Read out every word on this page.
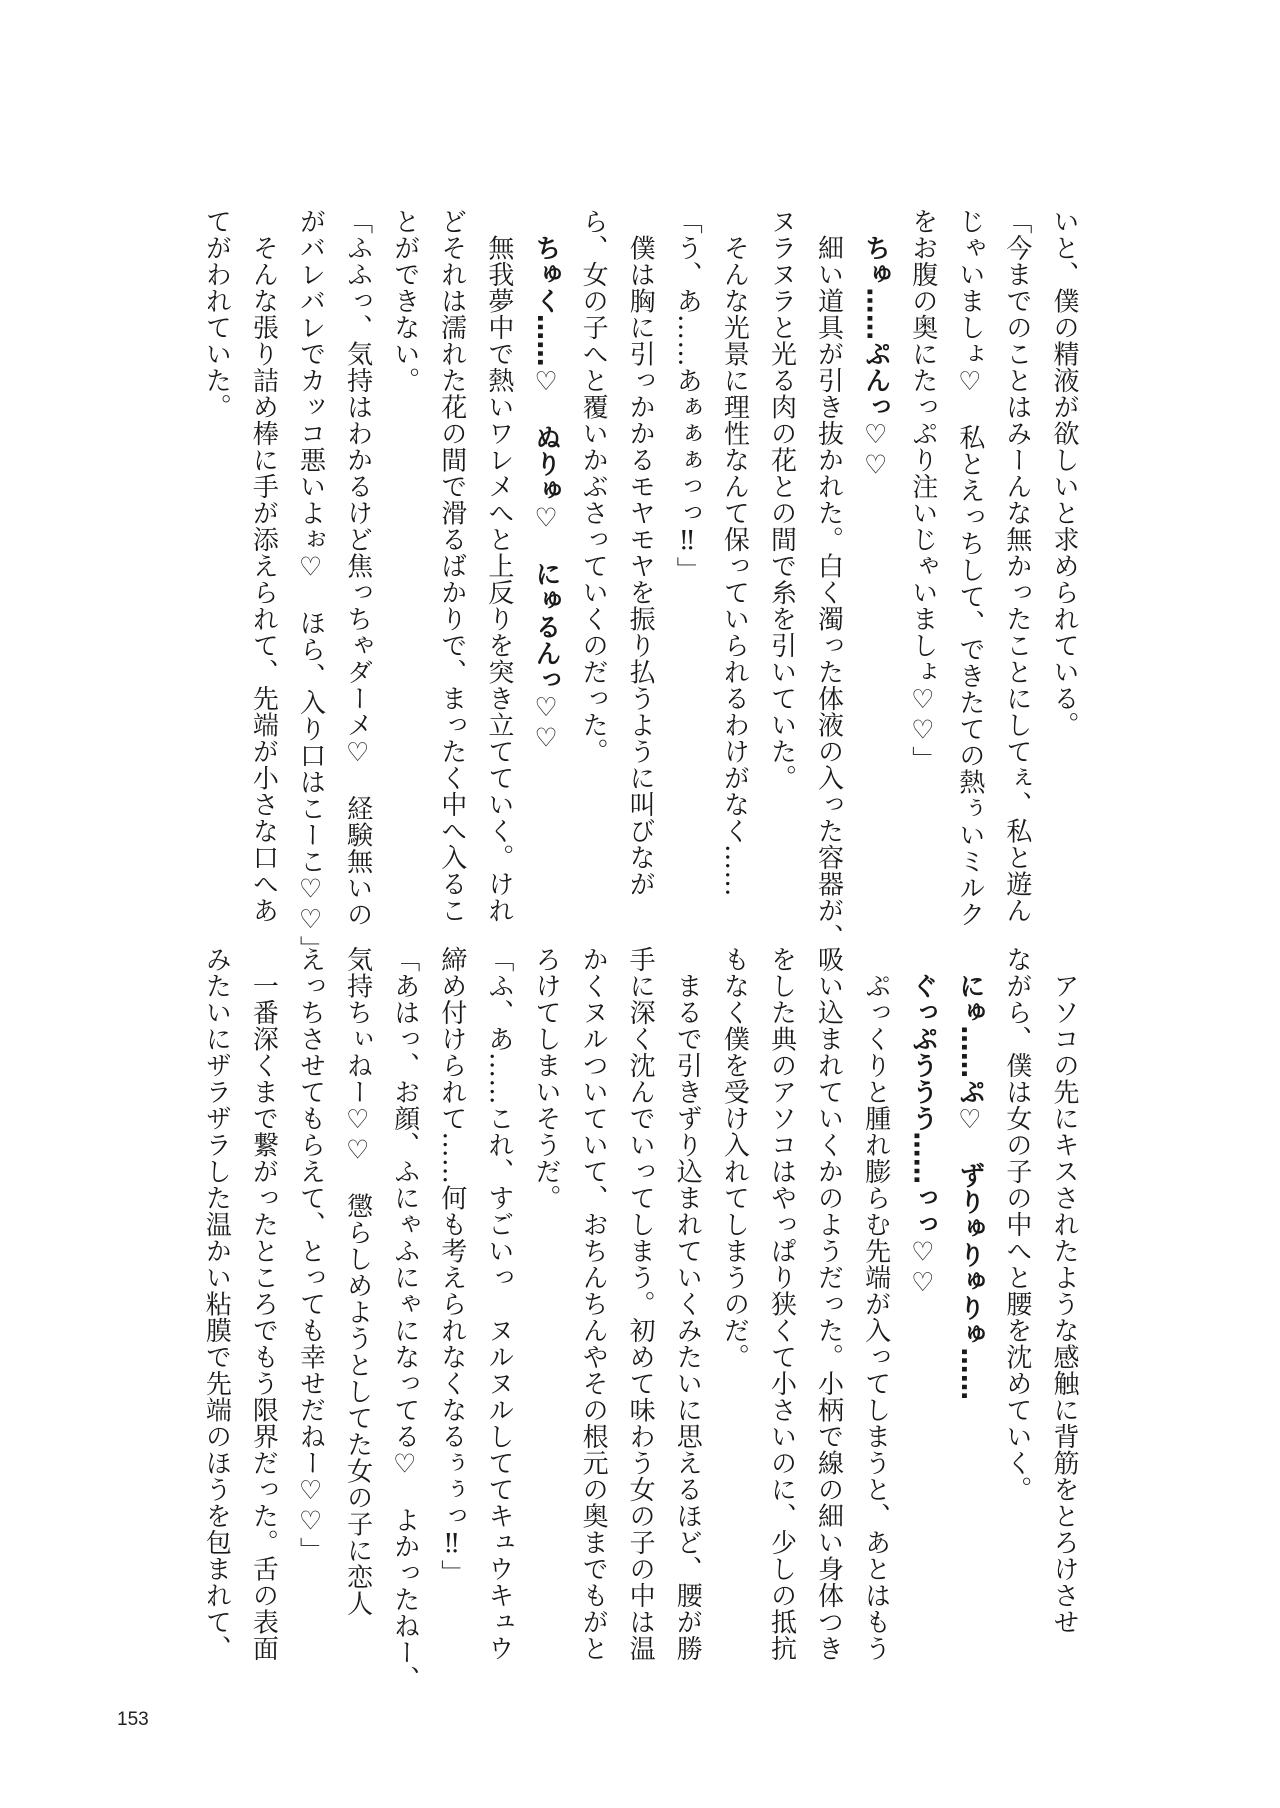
いと、僕の精液が欲しいと求められている。
「今までのことはみーんな無かったことにしてぇ、私と遊ん
じゃいましょ♡　私とえっちして、できたての熱ぅいミルク
をお腹の奥にたっぷり注いじゃいましょ♡♡」
　ちゅ……ぷんっ♡♡
　細い道具が引き抜かれた。白く濁った体液の入った容器が、
ヌラヌラと光る肉の花との間で糸を引いていた。
　そんな光景に理性なんて保っていられるわけがなく……
「う、あ……あぁぁぁっっ‼」
　僕は胸に引っかかるモヤモヤを振り払うように叫びなが
ら、女の子へと覆いかぶさっていくのだった。
　ちゅく……♡　ぬりゅ♡　にゅるんっ♡♡
　無我夢中で熱いワレメへと上反りを突き立てていく。けれ
どそれは濡れた花の間で滑るばかりで、まったく中へ入るこ
とができない。
「ふふっ、気持はわかるけど焦っちゃダーメ♡　経験無いの
がバレバレでカッコ悪いよぉ♡　ほら、入り口はこーこ♡♡」
　そんな張り詰め棒に手が添えられて、先端が小さな口へあ
てがわれていた。
　アソコの先にキスされたような感触に背筋をとろけさせ
ながら、僕は女の子の中へと腰を沈めていく。
　にゅ……ぷ♡　ずりゅりゅりゅ……
　ぐっぷううう……っっ♡♡
　ぷっくりと腫れ膨らむ先端が入ってしまうと、あとはもう
吸い込まれていくかのようだった。小柄で線の細い身体つき
をした典のアソコはやっぱり狭くて小さいのに、少しの抵抗
もなく僕を受け入れてしまうのだ。
　まるで引きずり込まれていくみたいに思えるほど、腰が勝
手に深く沈んでいってしまう。初めて味わう女の子の中は温
かくヌルついていて、おちんちんやその根元の奥までもがと
ろけてしまいそうだ。
「ふ、あ……これ、すごいっ　ヌルヌルしててキュウキュウ
締め付けられて……何も考えられなくなるぅぅっ‼」
「あはっ、お顔、ふにゃふにゃになってる♡　よかったねー、
気持ちぃねー♡♡　懲らしめようとしてた女の子に恋人
えっちさせてもらえて、とっても幸せだねー♡♡」
　一番深くまで繋がったところでもう限界だった。舌の表面
みたいにザラザラした温かい粘膜で先端のほうを包まれて、
153
